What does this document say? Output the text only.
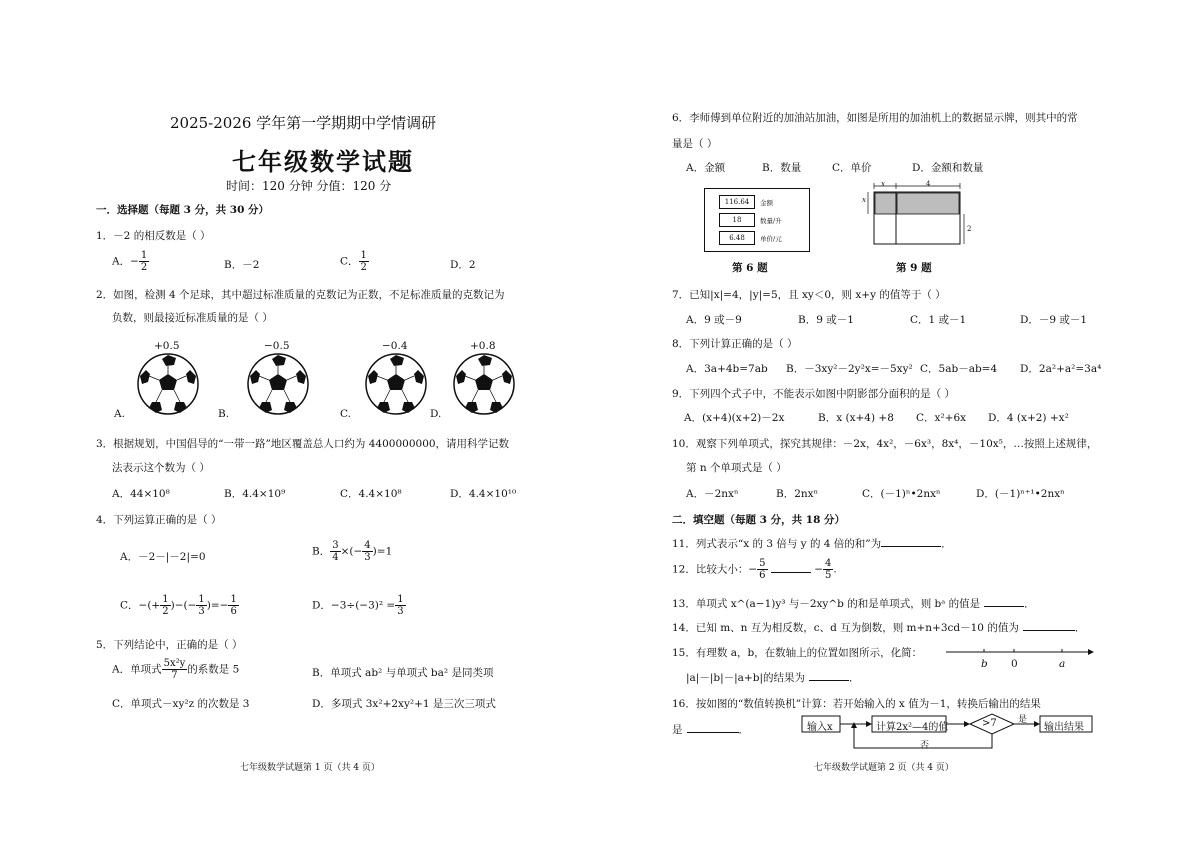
2025-2026 学年第一学期期中学情调研
七年级数学试题
时间：120 分钟 分值：120 分
一．选择题（每题 3 分，共 30 分）
1．－2 的相反数是（ ）
A．− $\frac{1}{2}$	B．－2	C． $\frac{1}{2}$	D．2
2．如图，检测 4 个足球，其中超过标准质量的克数记为正数，不足标准质量的克数记为
负数，则最接近标准质量的是（ ）
+0.5
A.
−0.5
B.
−0.4
C.
+0.8
D.
3．根据规划，中国倡导的“一带一路”地区覆盖总人口约为 4400000000，请用科学记数
法表示这个数为（ ）
A．44×10⁸	B．4.4×10⁹	C．4.4×10⁸	D．4.4×10¹⁰
4．下列运算正确的是（ ）
A．－2－|－2|=0	B． $\frac{3}{4}$ ×(− $\frac{4}{3} )=1$
C．−(+ $\frac{1}{2}$ )−(− $\frac{1}{3}$ )=− $\frac{1}{6}$	D．$-3\div(-3)^2 = \frac{1}{3}$
5．下列结论中，正确的是（ ）
A．单项式 $\frac{\text{5x²y}}{7}$ 的系数是 5	B．单项式 ab² 与单项式 ba² 是同类项
C．单项式－xy²z 的次数是 3	D．多项式 3x²+2xy²+1 是三次三项式
七年级数学试题第 1 页（共 4 页）
6．李师傅到单位附近的加油站加油，如图是所用的加油机上的数据显示牌，则其中的常
量是（ ）
A．金额	B．数量	C．单价	D．金额和数量
116.64	金额
18	数量/升
6.48	单价/元
第 6 题
x	4
x
2
第 9 题
7．已知|x|=4，|y|=5，且 xy＜0，则 x+y 的值等于（ ）
A．9 或－9	B．9 或－1	C．1 或－1	D．－9 或－1
8．下列计算正确的是（ ）
A．3a+4b=7ab B．－3xy²－2y²x=－5xy² C．5ab－ab=4 D．2a²+a²=3a⁴
9．下列四个式子中，不能表示如图中阴影部分面积的是（ ）
A．(x+4)(x+2)－2x	B．x (x+4) +8 C．x²+6x D．4 (x+2) +x²
10．观察下列单项式，探究其规律：－2x，4x²，－6x³，8x⁴，－10x⁵，…按照上述规律，
第 n 个单项式是（ ）
A．－2nxⁿ	B．2nxⁿ	C．(－1)ⁿ•2nxⁿ	D．(－1)ⁿ⁺¹•2nxⁿ
二．填空题（每题 3 分，共 18 分）
11．列式表示“x 的 3 倍与 y 的 4 倍的和”为	．
12．比较大小：− $\frac{5}{6}$	− $\frac{4}{5}$ .
13．单项式 x^(a−1)y³ 与－2xy^b 的和是单项式，则 bᵃ 的值是	．
14．已知 m、n 互为相反数，c、d 互为倒数，则 m+n+3cd－10 的值为	．
15．有理数 a，b，在数轴上的位置如图所示，化简：
|a|－|b|－|a+b|的结果为	．
b 0	a
16．按如图的“数值转换机”计算：若开始输入的 x 值为－1，转换后输出的结果
是	．	输入x	计算2x²—4的值	>7 是
否
输出结果
七年级数学试题第 2 页（共 4 页）
